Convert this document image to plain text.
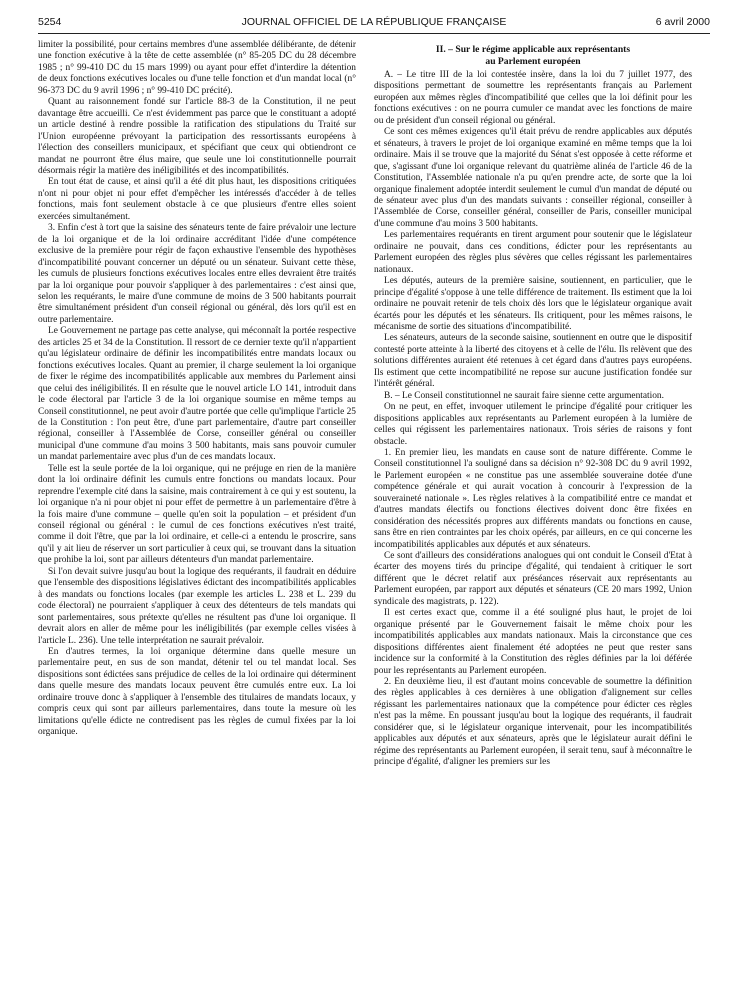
5254	JOURNAL OFFICIEL DE LA RÉPUBLIQUE FRANÇAISE	6 avril 2000

limiter la possibilité, pour certains membres d'une assemblée délibérante, de détenir une fonction exécutive à la tête de cette assemblée (n° 85-205 DC du 28 décembre 1985 ; n° 99-410 DC du 15 mars 1999) ou ayant pour effet d'interdire la détention de deux fonctions exécutives locales ou d'une telle fonction et d'un mandat local (n° 96-373 DC du 9 avril 1996 ; n° 99-410 DC précité).

Quant au raisonnement fondé sur l'article 88-3 de la Constitution, il ne peut davantage être accueilli. Ce n'est évidemment pas parce que le constituant a adopté un article destiné à rendre possible la ratification des stipulations du Traité sur l'Union européenne prévoyant la participation des ressortissants européens à l'élection des conseillers municipaux, et spécifiant que ceux qui obtiendront ce mandat ne pourront être élus maire, que seule une loi constitutionnelle pourrait désormais régir la matière des inéligibilités et des incompatibilités.

En tout état de cause, et ainsi qu'il a été dit plus haut, les dispositions critiquées n'ont ni pour objet ni pour effet d'empêcher les intéressés d'accéder à de telles fonctions, mais font seulement obstacle à ce que plusieurs d'entre elles soient exercées simultanément.

3. Enfin c'est à tort que la saisine des sénateurs tente de faire prévaloir une lecture de la loi organique et de la loi ordinaire accréditant l'idée d'une compétence exclusive de la première pour régir de façon exhaustive l'ensemble des hypothèses d'incompatibilité pouvant concerner un député ou un sénateur. Suivant cette thèse, les cumuls de plusieurs fonctions exécutives locales entre elles devraient être traités par la loi organique pour pouvoir s'appliquer à des parlementaires : c'est ainsi que, selon les requérants, le maire d'une commune de moins de 3 500 habitants pourrait être simultanément président d'un conseil régional ou général, dès lors qu'il est en outre parlementaire.

Le Gouvernement ne partage pas cette analyse, qui méconnaît la portée respective des articles 25 et 34 de la Constitution. Il ressort de ce dernier texte qu'il n'appartient qu'au législateur ordinaire de définir les incompatibilités entre mandats locaux ou fonctions exécutives locales. Quant au premier, il charge seulement la loi organique de fixer le régime des incompatibilités applicable aux membres du Parlement ainsi que celui des inéligibilités. Il en résulte que le nouvel article LO 141, introduit dans le code électoral par l'article 3 de la loi organique soumise en même temps au Conseil constitutionnel, ne peut avoir d'autre portée que celle qu'implique l'article 25 de la Constitution : l'on peut être, d'une part parlementaire, d'autre part conseiller régional, conseiller à l'Assemblée de Corse, conseiller général ou conseiller municipal d'une commune d'au moins 3 500 habitants, mais sans pouvoir cumuler un mandat parlementaire avec plus d'un de ces mandats locaux.

Telle est la seule portée de la loi organique, qui ne préjuge en rien de la manière dont la loi ordinaire définit les cumuls entre fonctions ou mandats locaux. Pour reprendre l'exemple cité dans la saisine, mais contrairement à ce qui y est soutenu, la loi organique n'a ni pour objet ni pour effet de permettre à un parlementaire d'être à la fois maire d'une commune – quelle qu'en soit la population – et président d'un conseil régional ou général : le cumul de ces fonctions exécutives n'est traité, comme il doit l'être, que par la loi ordinaire, et celle-ci a entendu le proscrire, sans qu'il y ait lieu de réserver un sort particulier à ceux qui, se trouvant dans la situation que prohibe la loi, sont par ailleurs détenteurs d'un mandat parlementaire.

Si l'on devait suivre jusqu'au bout la logique des requérants, il faudrait en déduire que l'ensemble des dispositions législatives édictant des incompatibilités applicables à des mandats ou fonctions locales (par exemple les articles L. 238 et L. 239 du code électoral) ne pourraient s'appliquer à ceux des détenteurs de tels mandats qui sont parlementaires, sous prétexte qu'elles ne résultent pas d'une loi organique. Il devrait alors en aller de même pour les inéligibilités (par exemple celles visées à l'article L. 236). Une telle interprétation ne saurait prévaloir.

En d'autres termes, la loi organique détermine dans quelle mesure un parlementaire peut, en sus de son mandat, détenir tel ou tel mandat local. Ses dispositions sont édictées sans préjudice de celles de la loi ordinaire qui déterminent dans quelle mesure des mandats locaux peuvent être cumulés entre eux. La loi ordinaire trouve donc à s'appliquer à l'ensemble des titulaires de mandats locaux, y compris ceux qui sont par ailleurs parlementaires, dans toute la mesure où les limitations qu'elle édicte ne contredisent pas les règles de cumul fixées par la loi organique.

II. – Sur le régime applicable aux représentants
au Parlement européen

A. – Le titre III de la loi contestée insère, dans la loi du 7 juillet 1977, des dispositions permettant de soumettre les représentants français au Parlement européen aux mêmes règles d'incompatibilité que celles que la loi définit pour les fonctions exécutives : on ne pourra cumuler ce mandat avec les fonctions de maire ou de président d'un conseil régional ou général.

Ce sont ces mêmes exigences qu'il était prévu de rendre applicables aux députés et sénateurs, à travers le projet de loi organique examiné en même temps que la loi ordinaire. Mais il se trouve que la majorité du Sénat s'est opposée à cette réforme et que, s'agissant d'une loi organique relevant du quatrième alinéa de l'article 46 de la Constitution, l'Assemblée nationale n'a pu qu'en prendre acte, de sorte que la loi organique finalement adoptée interdit seulement le cumul d'un mandat de député ou de sénateur avec plus d'un des mandats suivants : conseiller régional, conseiller à l'Assemblée de Corse, conseiller général, conseiller de Paris, conseiller municipal d'une commune d'au moins 3 500 habitants.

Les parlementaires requérants en tirent argument pour soutenir que le législateur ordinaire ne pouvait, dans ces conditions, édicter pour les représentants au Parlement européen des règles plus sévères que celles régissant les parlementaires nationaux.

Les députés, auteurs de la première saisine, soutiennent, en particulier, que le principe d'égalité s'oppose à une telle différence de traitement. Ils estiment que la loi ordinaire ne pouvait retenir de tels choix dès lors que le législateur organique avait écartés pour les députés et les sénateurs. Ils critiquent, pour les mêmes raisons, le mécanisme de sortie des situations d'incompatibilité.

Les sénateurs, auteurs de la seconde saisine, soutiennent en outre que le dispositif contesté porte atteinte à la liberté des citoyens et à celle de l'élu. Ils relèvent que des solutions différentes auraient été retenues à cet égard dans d'autres pays européens. Ils estiment que cette incompatibilité ne repose sur aucune justification fondée sur l'intérêt général.

B. – Le Conseil constitutionnel ne saurait faire sienne cette argumentation.

On ne peut, en effet, invoquer utilement le principe d'égalité pour critiquer les dispositions applicables aux représentants au Parlement européen à la lumière de celles qui régissent les parlementaires nationaux. Trois séries de raisons y font obstacle.

1. En premier lieu, les mandats en cause sont de nature différente. Comme le Conseil constitutionnel l'a souligné dans sa décision n° 92-308 DC du 9 avril 1992, le Parlement européen « ne constitue pas une assemblée souveraine dotée d'une compétence générale et qui aurait vocation à concourir à l'expression de la souveraineté nationale ». Les règles relatives à la compatibilité entre ce mandat et d'autres mandats électifs ou fonctions électives doivent donc être fixées en considération des nécessités propres aux différents mandats ou fonctions en cause, sans être en rien contraintes par les choix opérés, par ailleurs, en ce qui concerne les incompatibilités applicables aux députés et aux sénateurs.

Ce sont d'ailleurs des considérations analogues qui ont conduit le Conseil d'Etat à écarter des moyens tirés du principe d'égalité, qui tendaient à critiquer le sort différent que le décret relatif aux préséances réservait aux représentants au Parlement européen, par rapport aux députés et sénateurs (CE 20 mars 1992, Union syndicale des magistrats, p. 122).

Il est certes exact que, comme il a été souligné plus haut, le projet de loi organique présenté par le Gouvernement faisait le même choix pour les incompatibilités applicables aux mandats nationaux. Mais la circonstance que ces dispositions différentes aient finalement été adoptées ne peut que rester sans incidence sur la conformité à la Constitution des règles définies par la loi déférée pour les représentants au Parlement européen.

2. En deuxième lieu, il est d'autant moins concevable de soumettre la définition des règles applicables à ces dernières à une obligation d'alignement sur celles régissant les parlementaires nationaux que la compétence pour édicter ces règles n'est pas la même. En poussant jusqu'au bout la logique des requérants, il faudrait considérer que, si le législateur organique intervenait, pour les incompatibilités applicables aux députés et aux sénateurs, après que le législateur aurait défini le régime des représentants au Parlement européen, il serait tenu, sauf à méconnaître le principe d'égalité, d'aligner les premiers sur les
